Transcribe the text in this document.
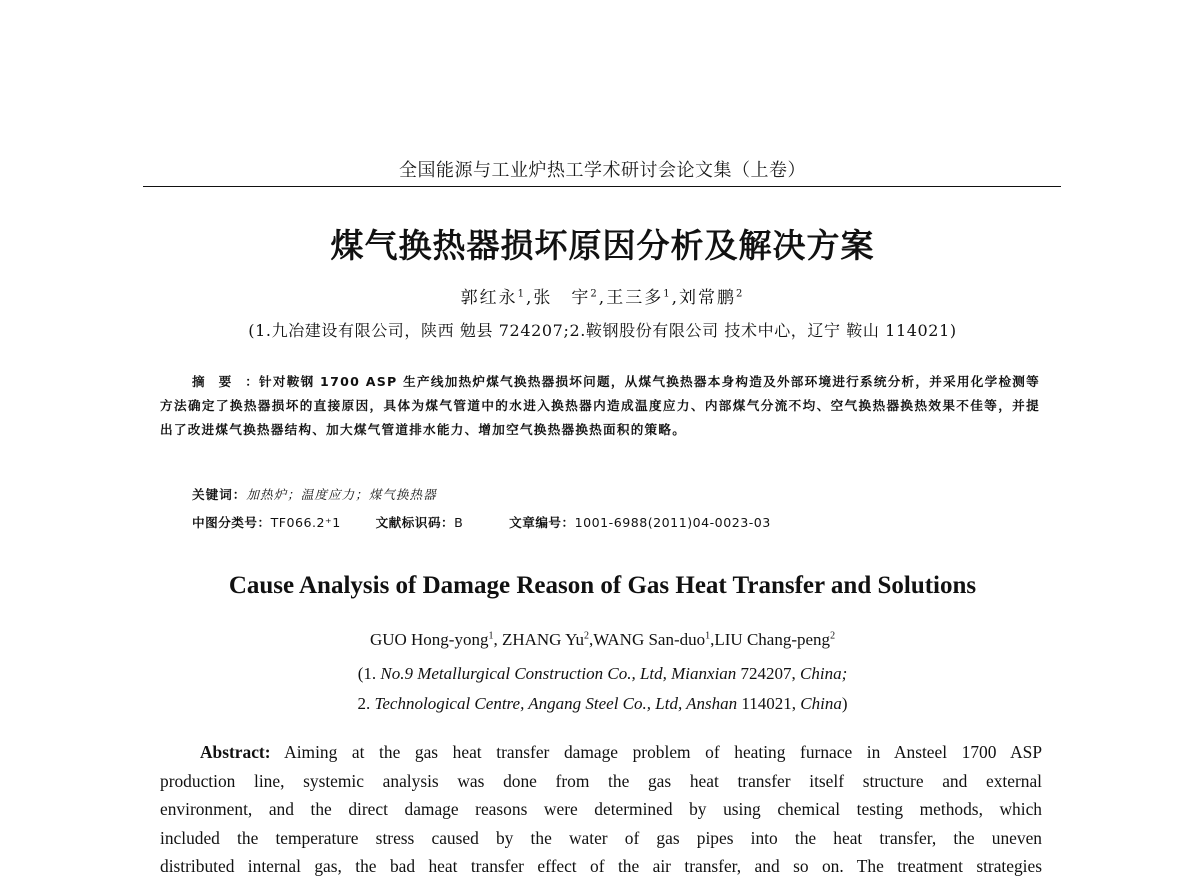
全国能源与工业炉热工学术研讨会论文集（上卷）
煤气换热器损坏原因分析及解决方案
郭红永$^1$,张　宇$^2$,王三多$^1$,刘常鹏$^2$
(1.九冶建设有限公司，陕西 勉县 724207;2.鞍钢股份有限公司 技术中心，辽宁 鞍山 114021)
摘要：针对鞍钢 1700 ASP 生产线加热炉煤气换热器损坏问题，从煤气换热器本身构造及外部环境进行系统分析，并采用化学检测等方法确定了换热器损坏的直接原因，具体为煤气管道中的水进入换热器内造成温度应力、内部煤气分流不均、空气换热器换热效果不佳等，并提出了改进煤气换热器结构、加大煤气管道排水能力、增加空气换热器换热面积的策略。
关键词：加热炉；温度应力；煤气换热器
中图分类号：TF066.2⁺1	文献标识码：B	文章编号：1001-6988(2011)04-0023-03
Cause Analysis of Damage Reason of Gas Heat Transfer and Solutions
GUO Hong-yong$^1$, ZHANG Yu$^2$,WANG San-duo$^1$,LIU Chang-peng$^2$
(1. No.9 Metallurgical Construction Co., Ltd, Mianxian 724207, China;
2. Technological Centre, Angang Steel Co., Ltd, Anshan 114021, China)

Abstract: Aiming at the gas heat transfer damage problem of heating furnace in Ansteel 1700 ASP

production line, systemic analysis was done from the gas heat transfer itself structure and external

environment, and the direct damage reasons were determined by using chemical testing methods, which

included the temperature stress caused by the water of gas pipes into the heat transfer, the uneven

distributed internal gas, the bad heat transfer effect of the air transfer, and so on. The treatment strategies
